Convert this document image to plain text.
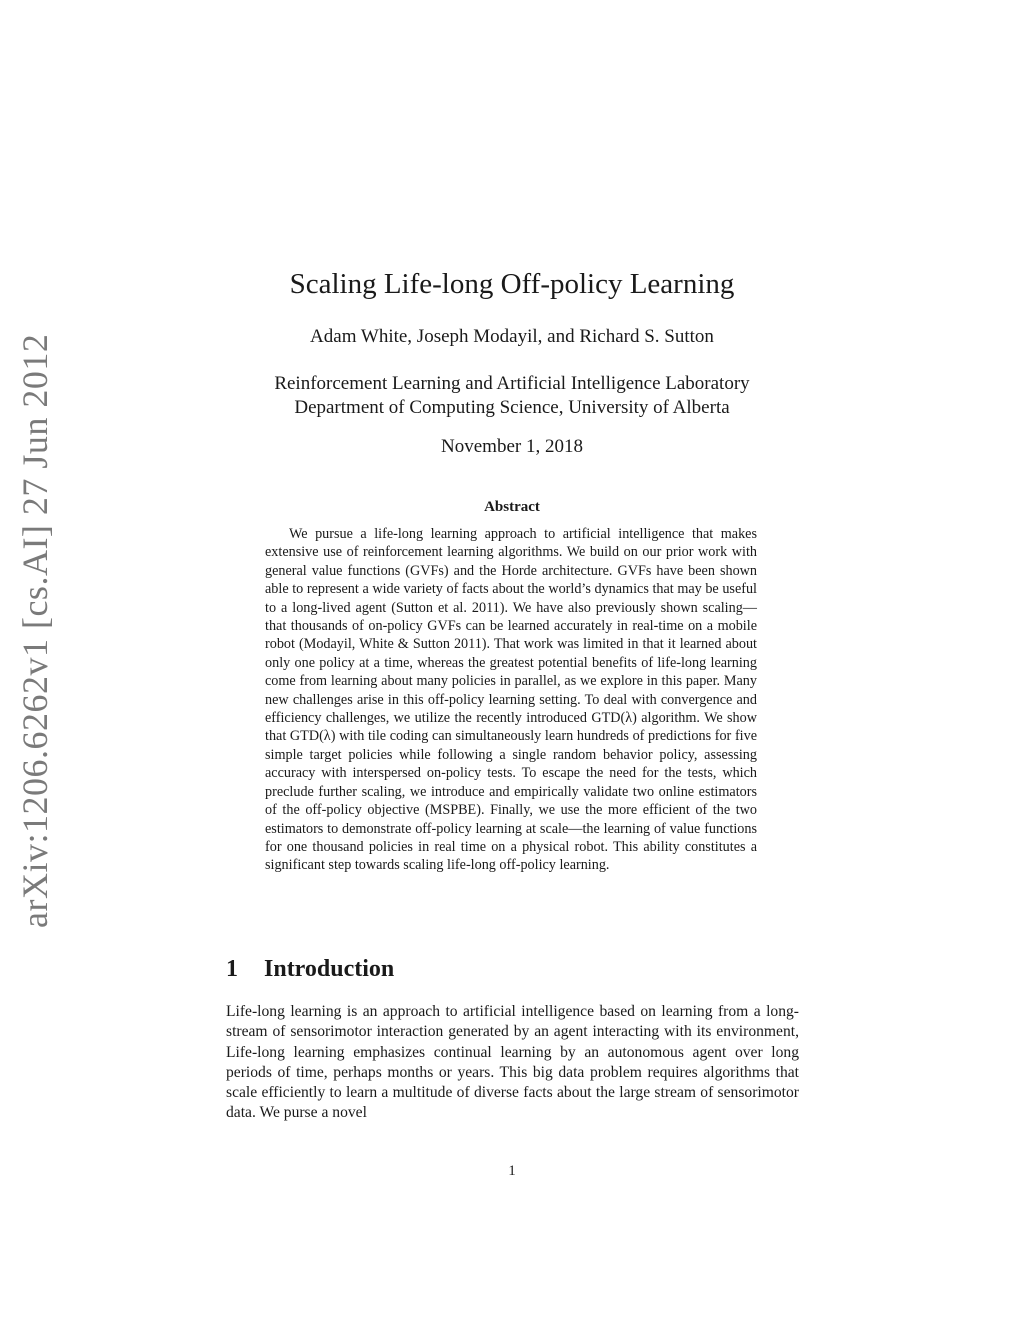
arXiv:1206.6262v1 [cs.AI] 27 Jun 2012
Scaling Life-long Off-policy Learning
Adam White, Joseph Modayil, and Richard S. Sutton
Reinforcement Learning and Artificial Intelligence Laboratory
Department of Computing Science, University of Alberta
November 1, 2018
Abstract

We pursue a life-long learning approach to artificial intelligence that makes extensive use of reinforcement learning algorithms. We build on our prior work with general value functions (GVFs) and the Horde architecture. GVFs have been shown able to represent a wide variety of facts about the world’s dynamics that may be useful to a long-lived agent (Sutton et al. 2011). We have also previously shown scaling—that thousands of on-policy GVFs can be learned accurately in real-time on a mobile robot (Modayil, White & Sutton 2011). That work was limited in that it learned about only one policy at a time, whereas the greatest potential benefits of life-long learning come from learning about many policies in parallel, as we explore in this paper. Many new challenges arise in this off-policy learning setting. To deal with convergence and efficiency challenges, we utilize the recently introduced GTD(λ) algorithm. We show that GTD(λ) with tile coding can simultaneously learn hundreds of predictions for five simple target policies while following a single random behavior policy, assessing accuracy with interspersed on-policy tests. To escape the need for the tests, which preclude further scaling, we introduce and empirically validate two online estimators of the off-policy objective (MSPBE). Finally, we use the more efficient of the two estimators to demonstrate off-policy learning at scale—the learning of value functions for one thousand policies in real time on a physical robot. This ability constitutes a significant step towards scaling life-long off-policy learning.

1 Introduction

Life-long learning is an approach to artificial intelligence based on learning from a long-stream of sensorimotor interaction generated by an agent interacting with its environment, Life-long learning emphasizes continual learning by an autonomous agent over long periods of time, perhaps months or years. This big data problem requires algorithms that scale efficiently to learn a multitude of diverse facts about the large stream of sensorimotor data. We purse a novel

1
